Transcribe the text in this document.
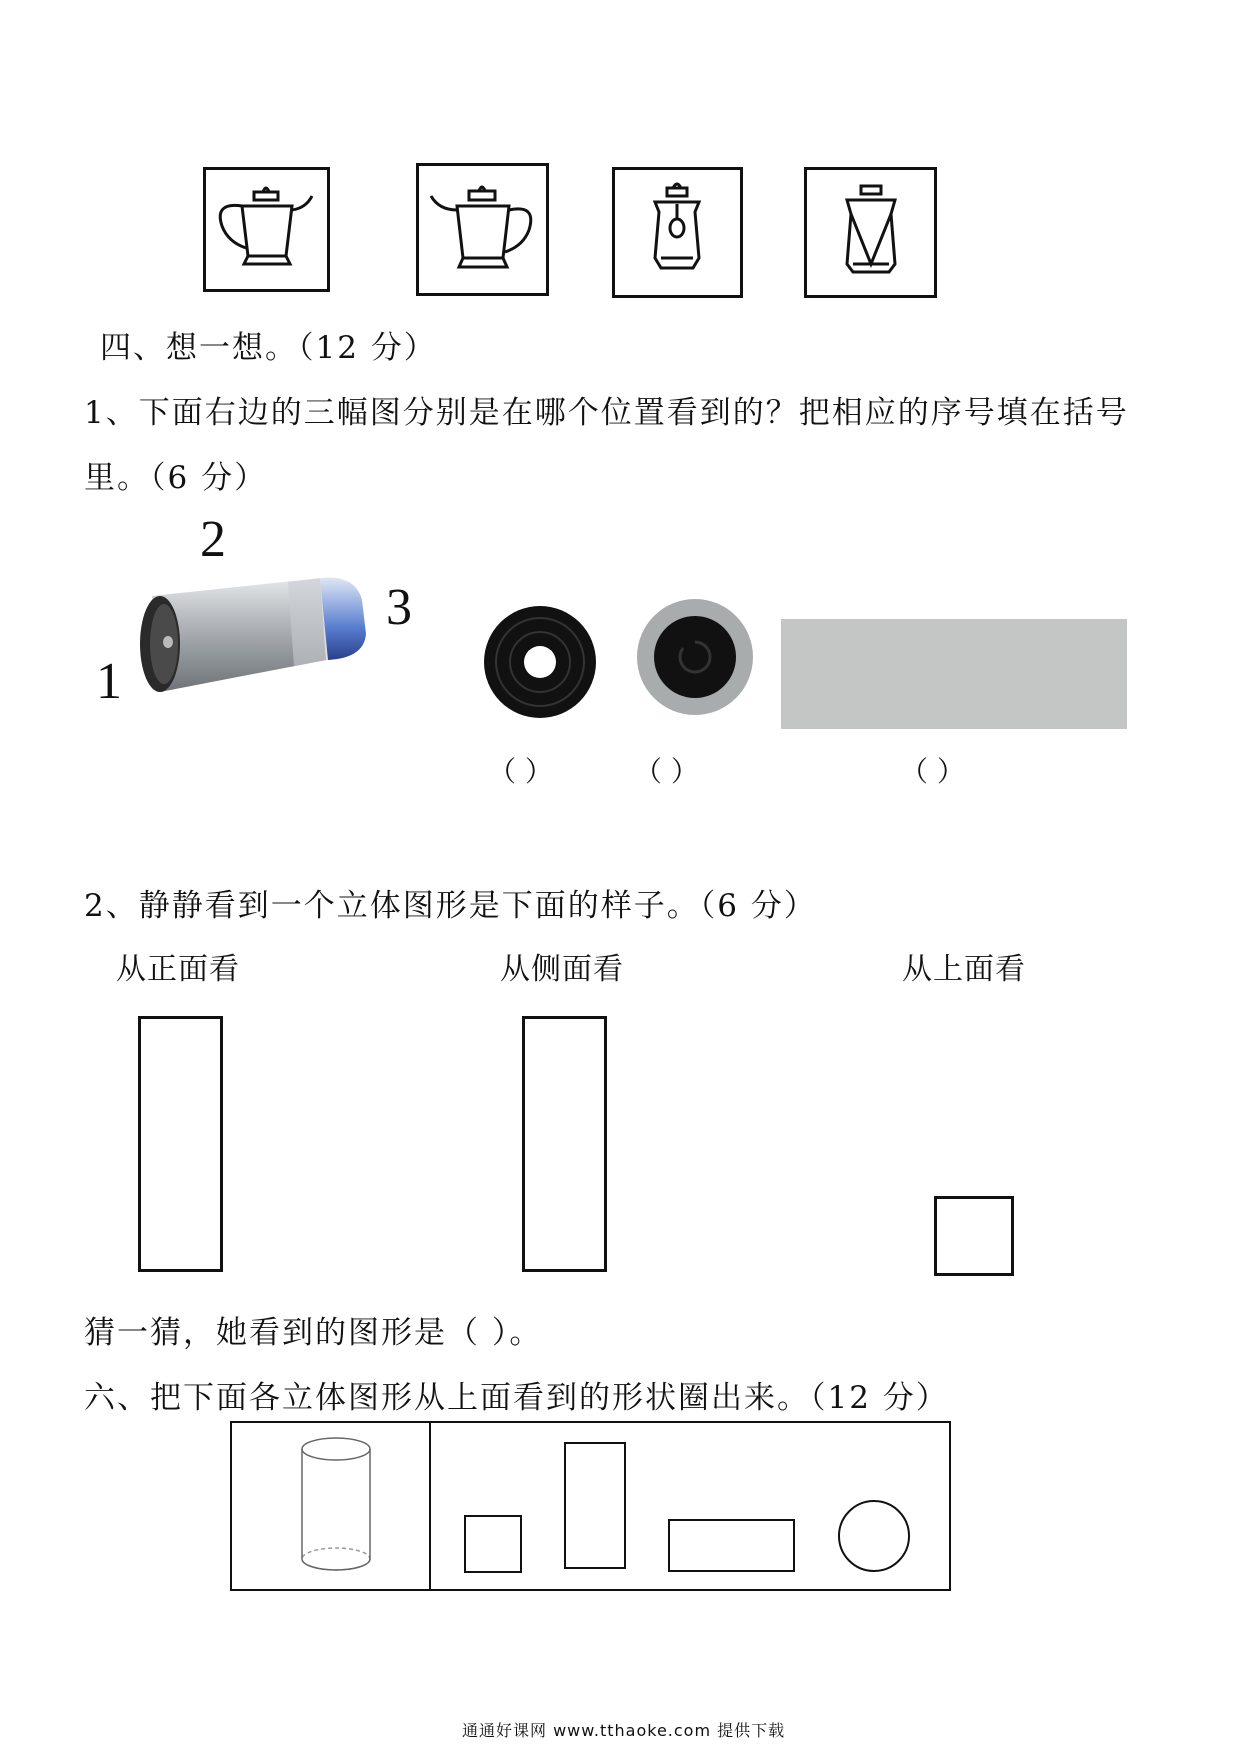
四、想一想。（12 分）
1、下面右边的三幅图分别是在哪个位置看到的？把相应的序号填在括号
里。（6 分）
2
3
1
（ ）	（ ）	（ ）
2、静静看到一个立体图形是下面的样子。（6 分）
从正面看	从侧面看	从上面看
猜一猜，她看到的图形是（ ）。
六、把下面各立体图形从上面看到的形状圈出来。（12 分）
通通好课网 www.tthaoke.com 提供下载
